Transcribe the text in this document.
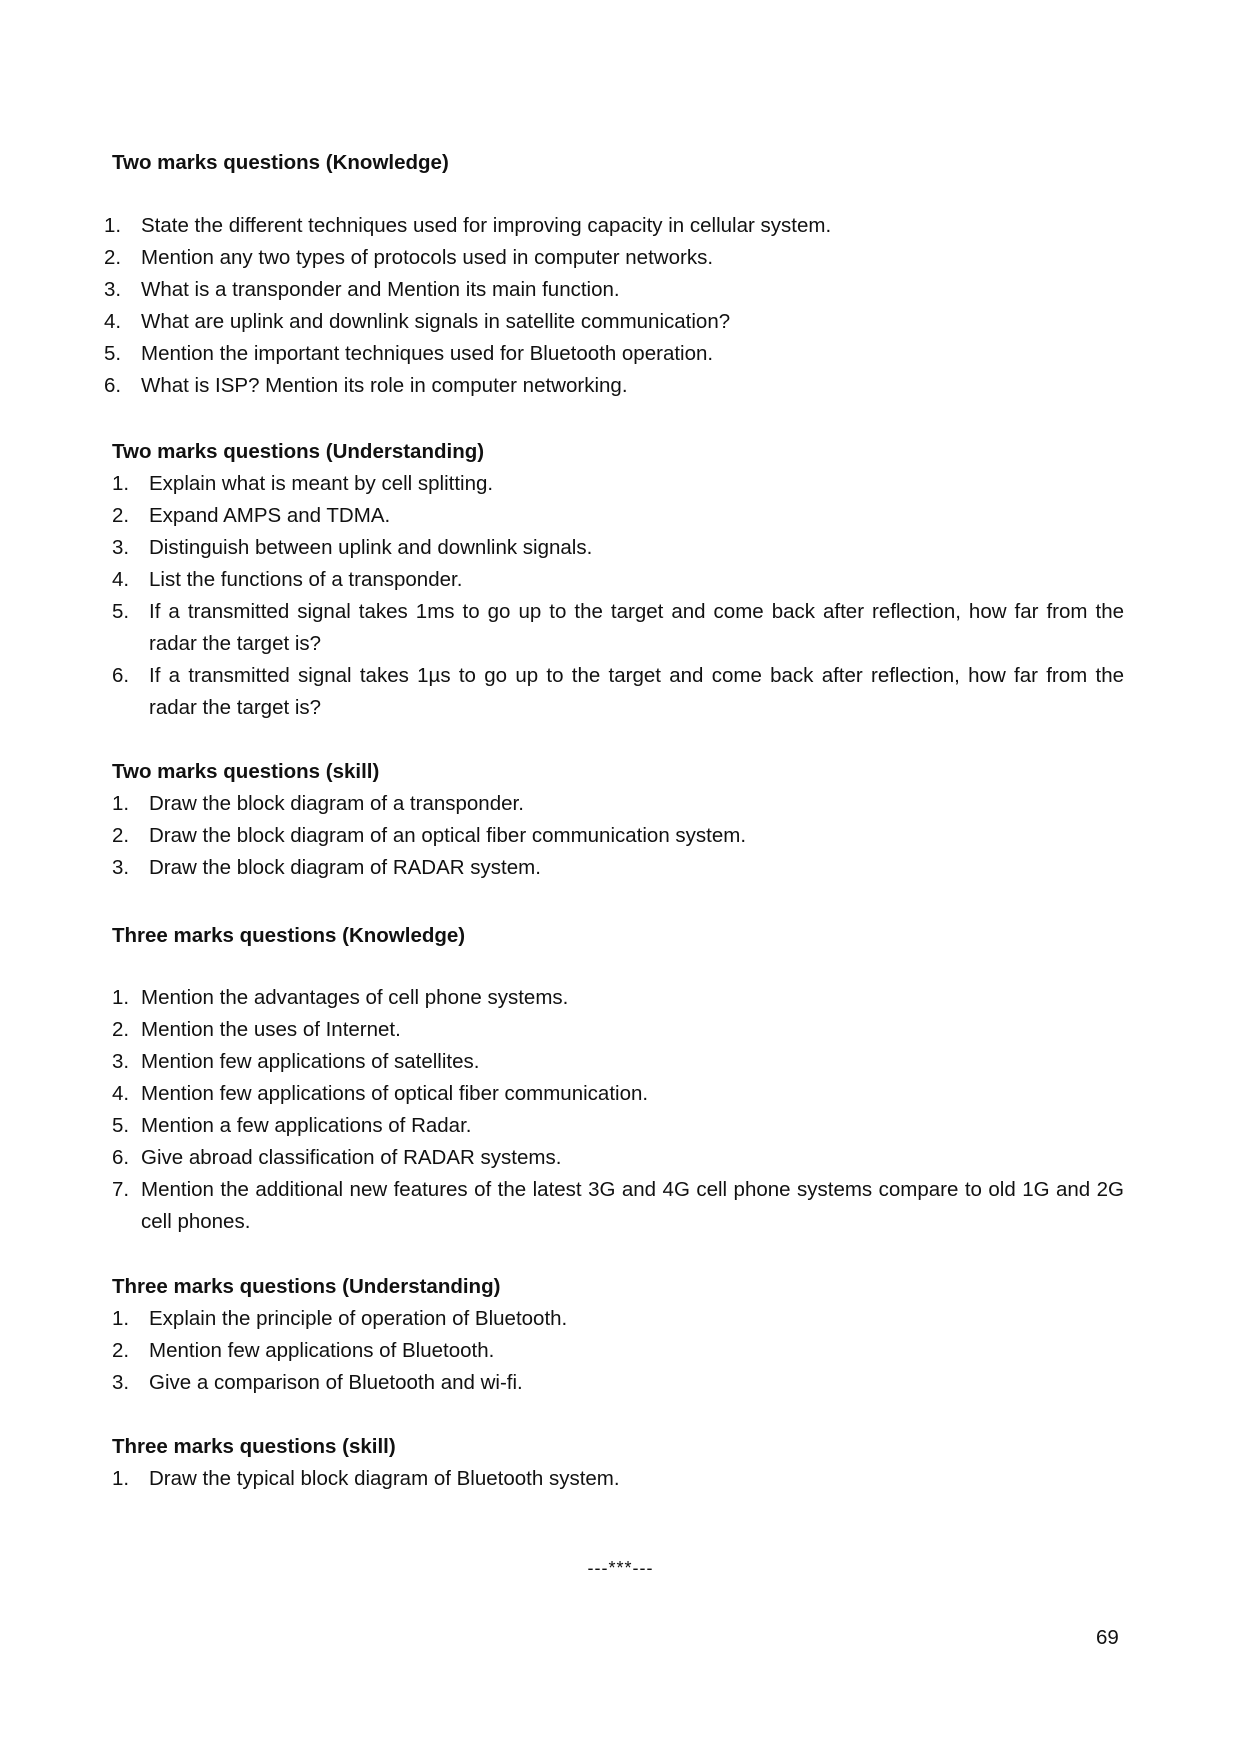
Two marks questions (Knowledge)
1. State the different techniques used for improving capacity in cellular system.
2. Mention any two types of protocols used in computer networks.
3. What is a transponder and Mention its main function.
4. What are uplink and downlink signals in satellite communication?
5. Mention the important techniques used for Bluetooth operation.
6. What is ISP? Mention its role in computer networking.
Two marks questions (Understanding)
1. Explain what is meant by cell splitting.
2. Expand AMPS and TDMA.
3. Distinguish between uplink and downlink signals.
4. List the functions of a transponder.
5. If a transmitted signal takes 1ms to go up to the target and come back after reflection, how far from the radar the target is?
6. If a transmitted signal takes 1µs to go up to the target and come back after reflection, how far from the radar the target is?
Two marks questions (skill)
1. Draw the block diagram of a transponder.
2. Draw the block diagram of an optical fiber communication system.
3. Draw the block diagram of RADAR system.
Three marks questions (Knowledge)
1. Mention the advantages of cell phone systems.
2. Mention the uses of Internet.
3. Mention few applications of satellites.
4. Mention few applications of optical fiber communication.
5. Mention a few applications of Radar.
6. Give abroad classification of RADAR systems.
7. Mention the additional new features of the latest 3G and 4G cell phone systems compare to old 1G and 2G cell phones.
Three marks questions (Understanding)
1. Explain the principle of operation of Bluetooth.
2. Mention few applications of Bluetooth.
3. Give a comparison of Bluetooth and wi-fi.
Three marks questions (skill)
1. Draw the typical block diagram of Bluetooth system.
---***---
69
